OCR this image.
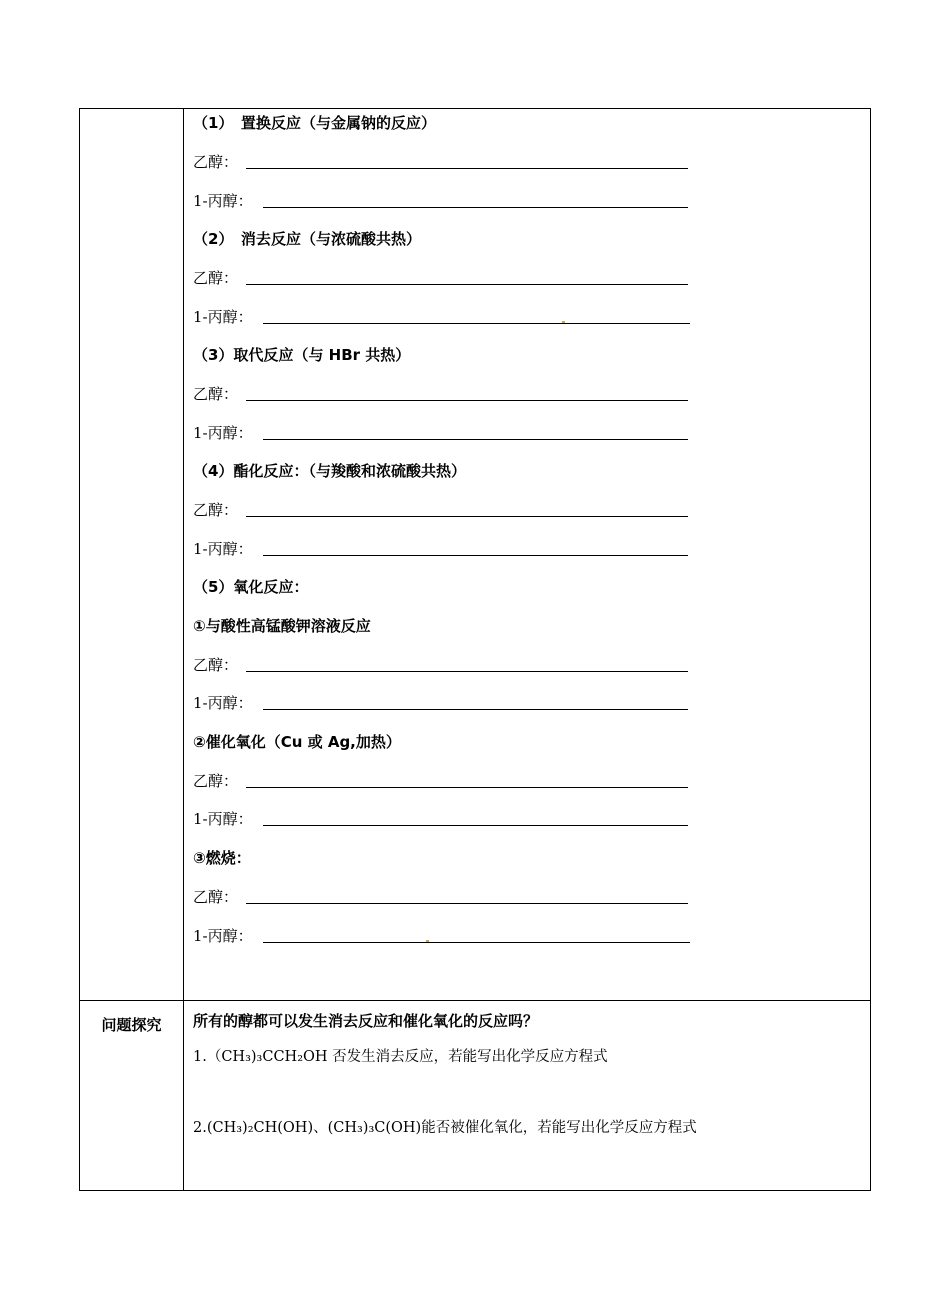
（1）　置换反应（与金属钠的反应）
乙醇：
1-丙醇：
（2）　消去反应（与浓硫酸共热）
乙醇：
1-丙醇：
（3）取代反应（与 HBr 共热）
乙醇：
1-丙醇：
（4）酯化反应：（与羧酸和浓硫酸共热）
乙醇：
1-丙醇：
（5）氧化反应：
①与酸性高锰酸钾溶液反应
乙醇：
1-丙醇：
②催化氧化（Cu 或 Ag,加热）
乙醇：
1-丙醇：
③燃烧：
乙醇：
1-丙醇：
问题探究	所有的醇都可以发生消去反应和催化氧化的反应吗？
1.（CH₃)₃CCH₂OH 否发生消去反应，若能写出化学反应方程式
2.(CH₃)₂CH(OH)、(CH₃)₃C(OH)能否被催化氧化，若能写出化学反应方程式
